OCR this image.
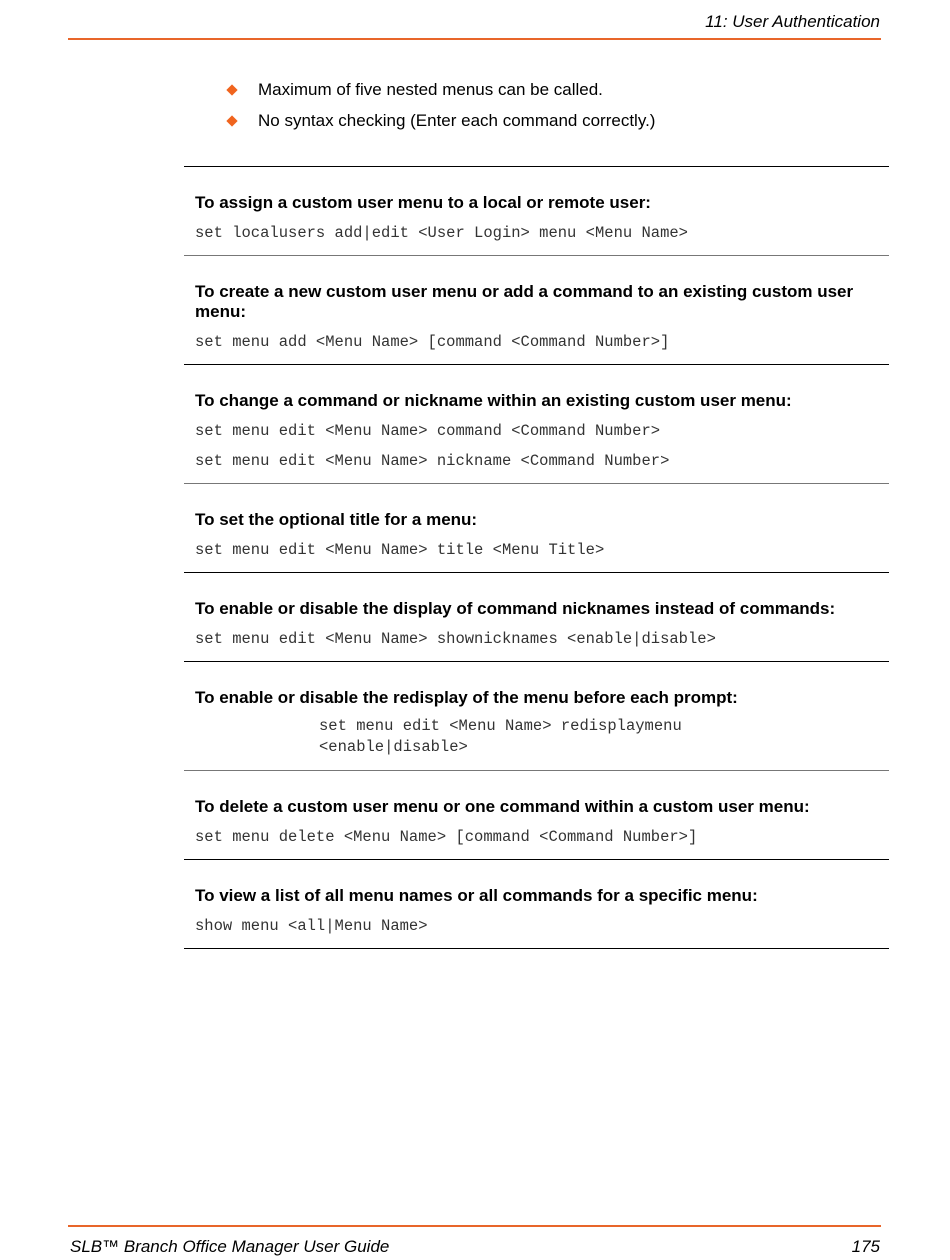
11: User Authentication
Maximum of five nested menus can be called.
No syntax checking (Enter each command correctly.)
To assign a custom user menu to a local or remote user:
set localusers add|edit <User Login> menu <Menu Name>
To create a new custom user menu or add a command to an existing custom user menu:
set menu add <Menu Name> [command <Command Number>]
To change a command or nickname within an existing custom user menu:
set menu edit <Menu Name> command <Command Number>
set menu edit <Menu Name> nickname <Command Number>
To set the optional title for a menu:
set menu edit <Menu Name> title <Menu Title>
To enable or disable the display of command nicknames instead of commands:
set menu edit <Menu Name> shownicknames <enable|disable>
To enable or disable the redisplay of the menu before each prompt:
set menu edit <Menu Name> redisplaymenu <enable|disable>
To delete a custom user menu or one command within a custom user menu:
set menu delete <Menu Name> [command <Command Number>]
To view a list of all menu names or all commands for a specific menu:
show menu <all|Menu Name>
SLB™ Branch Office Manager User Guide	175
